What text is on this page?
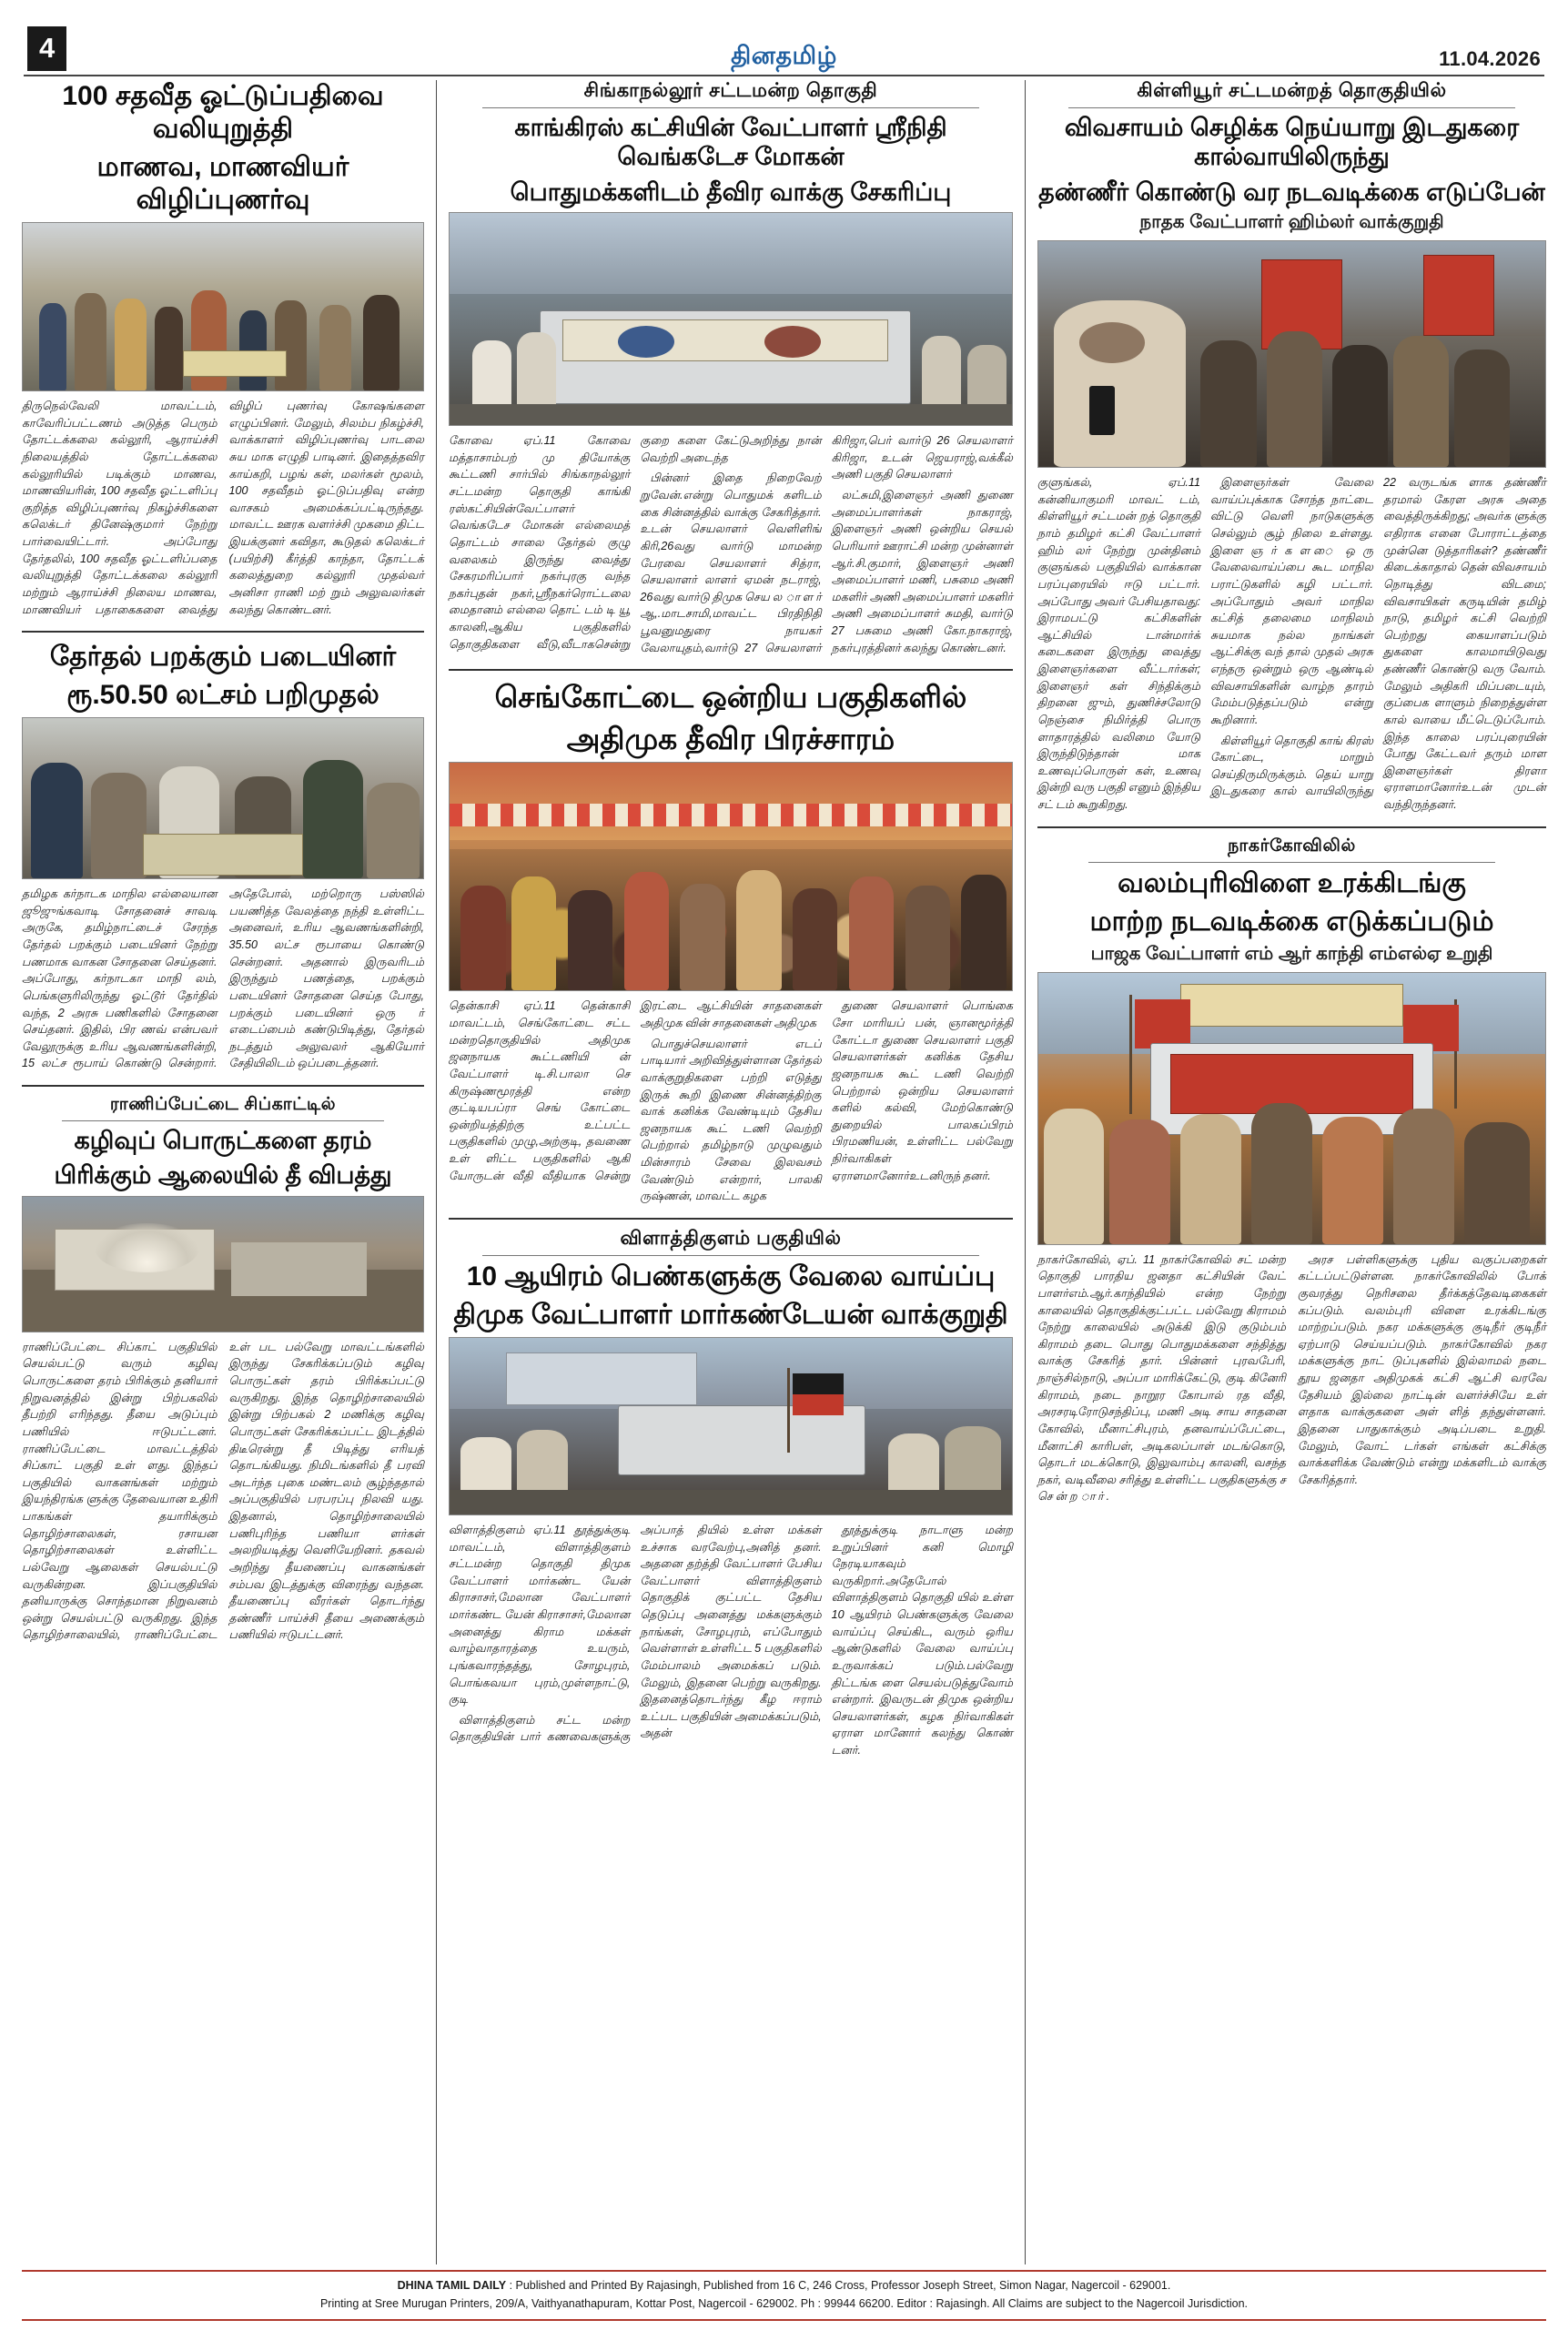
4	தினதமிழ்	11.04.2026
100 சதவீத ஓட்டுப்பதிவை வலியுறுத்தி
மாணவ, மாணவியர் விழிப்புணர்வு
திருநெல்வேலி மாவட்டம், காவேரிப்பட்டணம் அடுத்த பெரும் தோட்டக்கலை கல்லூரி, ஆராய்ச்சி நிலையத்தில் தோட்டக்கலை கல்லூரியில் படிக்கும் மாணவ, மாணவியரின், 100 சதவீத ஓட்டளிப்பு குறித்த விழிப்புணர்வு நிகழ்ச்சிகளை கலெக்டர் தினேஷ்குமார் நேற்று பார்வையிட்டார். அப்போது தேர்தலில், 100 சதவீத ஓட்டளிப்பதை வலியுறுத்தி தோட்டக்கலை கல்லூரி மற்றும் ஆராய்ச்சி நிலைய மாணவ, மாணவியர் பதாகைகளை வைத்து விழிப் புணர்வு கோஷங்களை எழுப்பினர். மேலும், சிலம்ப நிகழ்ச்சி, வாக்காளர் விழிப்புணர்வு பாடலை சுய மாக எழுதி பாடினர். இதைத்தவிர காய்கறி, பழங் கள், மலர்கள் மூலம், 100 சதவீதம் ஓட்டுப்பதிவு என்ற வாசகம் அமைக்கப்பட்டிருந்தது. மாவட்ட ஊரக வளர்ச்சி முகமை திட்ட இயக்குனர் கவிதா, கூடுதல் கலெக்டர் (பயிற்சி) கீர்த்தி காந்தா, தோட்டக் கலைத்துறை கல்லூரி முதல்வர் அனிசா ராணி மற் றும் அலுவலர்கள் கலந்து கொண்டனர்.
தேர்தல் பறக்கும் படையினர்
ரூ.50.50 லட்சம் பறிமுதல்
தமிழக கர்நாடக மாநில எல்லையான ஜூஜுங்கவாடி சோதனைச் சாவடி அருகே, தமிழ்நாட்டைச் சேரந்த தேர்தல் பறக்கும் படையினர் நேற்று பணமாக வாகன சோதனை செய்தனர். அப்போது, கர்நாடகா மாநி லம், பெங்களுரிலிருந்து ஓட்டூர் தேர்தில் வந்த, 2 அரசு பணிகளில் சோதனை செய்தனர். இதில், பிர ணவ் என்பவர் வேலூருக்கு உரிய ஆவணங்களின்றி, 15 லட்ச ரூபாய் கொண்டு சென்றார். அதேபோல், மற்றொரு பஸ்ஸில் பயணித்த வேலத்தை நந்தி உள்ளிட்ட அனைவர், உரிய ஆவணங்களின்றி, 35.50 லட்ச ரூபாயை கொண்டு சென்றனர். அதனால் இருவரிடம் இருந்தும் பணத்தை, பறக்கும் படையினர் சோதனை செய்த போது, பறக்கும் படையினர் ஒரு ர் எடைப்பைம் கண்டுபிடித்து, தேர்தல் நடத்தும் அலுவலர் ஆகியோர் சேதியிலிடம் ஒப்படைத்தனர்.
ராணிப்பேட்டை சிப்காட்டில்
கழிவுப் பொருட்களை தரம்
பிரிக்கும் ஆலையில் தீ விபத்து
ராணிப்பேட்டை சிப்காட் பகுதியில் செயல்பட்டு வரும் கழிவு பொருட்களை தரம் பிரிக்கும் தனியார் நிறுவனத்தில் இன்று பிற்பகலில் தீபற்றி எரிந்தது. தீயை அடுப்பும் பணியில் ஈடுபட்டனர். ராணிப்பேட்டை மாவட்டத்தில் சிப்காட் பகுதி உள் ளது. இந்தப் பகுதியில் வாகனங்கள் மற்றும் இயந்திரங்க ளுக்கு தேவையான உதிரி பாகங்கள் தயாரிக்கும் தொழிற்சாலைகள், ரசாயன தொழிற்சாலைகள் உள்ளிட்ட பல்வேறு ஆலைகள் செயல்பட்டு வருகின்றன. இப்பகுதியில் தனியாருக்கு சொந்தமான நிறுவனம் ஒன்று செயல்பட்டு வருகிறது. இந்த தொழிற்சாலையில், ராணிப்பேட்டை உள் பட பல்வேறு மாவட்டங்களில் இருந்து சேகரிக்கப்படும் கழிவு பொருட்கள் தரம் பிரிக்கப்பட்டு வருகிறது. இந்த தொழிற்சாலையில் இன்று பிற்பகல் 2 மணிக்கு கழிவு பொருட்கள் சேகரிக்கப்பட்ட இடத்தில் திடீரென்று தீ பிடித்து எரியத் தொடங்கியது. நிமிடங்களில் தீ பரவி அடர்ந்த புகை மண்டலம் சூழ்ந்ததால் அப்பகுதியில் பரபரப்பு நிலவி யது. இதனால், தொழிற்சாலையில் பணிபுரிந்த பணியா ளர்கள் அலறியடித்து வெளியேறினர். தகவல் அறிந்து தீயணைப்பு வாகனங்கள் சம்பவ இடத்துக்கு விரைந்து வந்தன. தீயணைப்பு வீரர்கள் தொடர்ந்து தண்ணீர் பாய்ச்சி தீயை அணைக்கும் பணியில் ஈடுபட்டனர்.
சிங்காநல்லூர் சட்டமன்ற தொகுதி
காங்கிரஸ் கட்சியின் வேட்பாளர் ஸ்ரீநிதி வெங்கடேச மோகன்
பொதுமக்களிடம் தீவிர வாக்கு சேகரிப்பு

கோவை ஏப்.11 கோவை மத்தாசாம்பற் மு தியோக்கு கூட்டணி சார்பில் சிங்காநல்லூர் சட்டமன்ற தொகுதி காங்கி ரஸ்கட்சியின்வேட்பாளர் வெங்கடேச மோகன் எல்லைமத் தொட்டம் சாலை தேர்தல் குழு வலைகம் இருந்து வைத்து சேகரமரிப்பார் நகர்புரகு வந்த நகர்புதன் நகர்,ஸ்ரீநகர்ரொட்டலை மைதானம் எல்லை தொட் டம் டி யூ காலனி,ஆகிய பகுதிகளில் தொகுதிகளை வீடு,வீடாகசென்று குறை களை கேட்டுஅறிந்து நான் வெற்றி அடைந்த

பின்னர் இதை நிறைவேற் றுவேன்.என்று பொதுமக் களிடம் கை சின்னத்தில் வாக்கு சேகரித்தார். உடன் செயலாளர் வெளிளிங் கிரி,26வது வார்டு மாமன்ற பேரவை செயலாளர் சித்ரா, செயலாளர் லாளர் ஏமன் நடராஜ், 26வது வார்டு திமுக செய ல ா ள ர் ஆ,.மாடசாமி,மாவட்ட பிரதிநிதி பூவனுமதுரை நாயகர் வேலாயுதம்,வார்டு 27 செயலாளர் கிரிஜா,பெர் வார்டு 26 செயலாளர் கிரிஜா, உடன் ஜெயராஜ்,வக்கீல் அணி பகுதி செயலாளர்

லட்சுமி,இளைஞர் அணி துணை அமைப்பாளர்கள் நாகராஜ், இளைஞர் அணி ஒன்றிய செயல் பெரியார் ஊராட்சி மன்ற முன்னாள் ஆர்.சி.குமார், இளைஞர் அணி அமைப்பாளர் மணி, பசுமை அணி மகளிர் அணி அமைப்பாளர் மகளிர் அணி அமைப்பாளர் சுமதி, வார்டு 27 பசுமை அணி கோ.நாகராஜ், நகர்புரத்தினர் கலந்து கொண்டனர்.

செங்கோட்டை ஒன்றிய பகுதிகளில்
அதிமுக தீவிர பிரச்சாரம்

தென்காசி ஏப்.11 தென்காசி மாவட்டம், செங்கோட்டை சட்ட மன்றதொகுதியில் அதிமுக ஜனநாயக கூட்டணியி ன் வேட்பாளர் டி.சி.பாலா செ கிருஷ்ணமூரத்தி என்ற குட்டியபப்ரா செங் கோட்டை ஒன்றியத்திற்கு உட்பட்ட பகுதிகளில் முழு,அற்குடி, தவணை உள் ளிட்ட பகுதிகளில் ஆகி யோருடன் வீதி வீதியாக சென்று இரட்டை ஆட்சியின் சாதனைகள் அதிமுக வின் சாதனைகள் அதிமுக

பொதுச்செயலாளர் எடப் பாடியார் அறிவித்துள்ளான தேர்தல் வாக்குறுதிகளை பற்றி எடுத்து இருக் கூறி இணை சின்னத்திற்கு வாக் கனிக்க வேண்டியும் தேசிய ஜனநாயக கூட் டணி வெற்றி பெற்றால் தமிழ்நாடு முழுவதும் மின்சாரம் சேவை இலவசம் வேண்டும் என்றார், பாலகி ருஷ்ணன், மாவட்ட கழக

துணை செயலாளர் பொங்கை சோ மாரியப் பன், ஞானமூர்த்தி கோட்டா துணை செயலாளர் பகுதி செயலாளர்கள் கனிக்க தேசிய ஜனநாயக கூட் டணி வெற்றி பெற்றால் ஒன்றிய செயலாளர் களில் கல்வி, மேற்கொண்டு துறையில் பாலகப்பிரம் பிரமணியன், உள்ளிட்ட பல்வேறு நிர்வாகிகள் ஏராளமானோர்உடனிருந் தனர்.

விளாத்திகுளம் பகுதியில்
10 ஆயிரம் பெண்களுக்கு வேலை வாய்ப்பு
திமுக வேட்பாளர் மார்கண்டேயன் வாக்குறுதி

விளாத்திகுளம் ஏப்.11 தூத்துக்குடி மாவட்டம், விளாத்திகுளம் சட்டமன்ற தொகுதி திமுக வேட்பாளர் மார்கண்ட யேன் கிராசாசர்,மேலான வேட்பாளர் மார்கண்ட யேன் கிராசாசர்,மேலான அனைத்து கிராம மக்கள் வாழ்வாதாரத்தை உயரும், புங்கவாரந்தத்து, சோழபுரம், பொங்கவயா புரம்,முள்ளநாட்டு, குடி

விளாத்திகுளம் சட்ட மன்ற தொகுதியின் பார் கணவைகளுக்கு அப்பாத் தியில் உள்ள மக்கள் உச்சாக வரவேற்பு,அனித் தனர். அதனை தற்த்தி வேட்பாளர் பேசிய வேட்பாளர் விளாத்திகுளம் தொகுதிக் குட்பட்ட தேசிய தெடுப்பு அனைத்து மக்களுக்கும் நாங்கள், சோழபுரம், எப்போதும் வெள்ளாள் உள்ளிட்ட 5 பகுதிகளில் மேம்பாலம் அமைக்கப் படும். மேலும், இதனை பெற்று வருகிறது. இதனைத்தொடர்ந்து கீழ ஈராம் உட்பட பகுதியின் அமைக்கப்படும், அதன்

தூத்துக்குடி நாடாளு மன்ற உறுப்பினர் கனி மொழி நேரடியாகவும் வருகிறார்.அதேபோல் விளாத்திகுளம் தொகுதி யில் உள்ள 10 ஆயிரம் பெண்களுக்கு வேலை வாய்ப்பு செய்கிட, வரும் ஒரிய ஆண்டுகளில் வேலை வாய்ப்பு உருவாக்கப் படும்.பல்வேறு திட்டங்க ளை செயல்படுத்துவோம் என்றார். இவருடன் திமுக ஒன்றிய செயலாளர்கள், கழக நிர்வாகிகள் ஏராள மானோர் கலந்து கொண் டனர்.

கிள்ளியூர் சட்டமன்றத் தொகுதியில்
விவசாயம் செழிக்க நெய்யாறு இடதுகரை கால்வாயிலிருந்து
தண்ணீர் கொண்டு வர நடவடிக்கை எடுப்பேன்
நாதக வேட்பாளர் ஹிம்லர் வாக்குறுதி

குளுங்கல், ஏப்.11 கன்னியாகுமரி மாவட் டம், கிள்ளியூர் சட்டமன் றத் தொகுதி நாம் தமிழர் கட்சி வேட்பாளர் ஹிம் லர் நேற்று முன்தினம் குளுங்கல் பகுதியில் வாக்கான பரப்புரையில் ஈடு பட்டார். அப்போது அவர் பேசியதாவது: இராமபட்டு கட்சிகளின் ஆட்சியில் டான்மார்க் கடைகளை இருந்து வைத்து இளைஞர்களை வீட்டார்கள்; இளைஞர் கள் சிந்திக்கும் திறனை ஜும், துணிச்சலோடு நெஞ்சை நிமிர்த்தி பொரு ளாதாரத்தில் வலிமை யோடு இருந்திடுந்தான் மாக உணவுப்பொருள் கள், உணவு இன்றி வரு பகுதி எனும் இந்திய சட் டம் கூறுகிறது.

இளைஞர்கள் வேலை வாய்ப்புக்காக சோந்த நாட்டை விட்டு வெளி நாடுகளுக்கு செல்லும் சூழ் நிலை உள்ளது. இளை ஞ ர் க ள ை ஒ ரு வேலைவாய்ப்பை கூட மாநில பராட்டுகளில் கழி பட்டார். அப்போதும் அவர் மாநில கட்சித் தலைமை மாநிலம் சுயமாக நல்ல நாங்கள் ஆட்சிக்கு வந் தால் முதல் அரசு எந்தரு ஒன்றும் ஒரு ஆண்டில் விவசாயிகளின் வாழ்ந தாரம் மேம்படுத்தப்படும் என்று கூறினார்.

கிள்ளியூர் தொகுதி காங் கிரஸ் கோட்டை, மாறும் செய்திருமிருக்கும். தெய் யாறு இடதுகரை கால் வாயிலிருந்து 22 வருடங்க ளாக தண்ணீர் தரமால் கேரள அரசு அதை வைத்திருக்கிறது; அவர்க ளுக்கு எதிராக எனை போராட்டத்தை முன்னெ டுத்தாரிகள்? தண்ணீர் கிடைக்காதால் தென் விவசாயம் நொடித்து விடமை; விவசாயிகள் கருடியின் தமிழ் நாடு, தமிழர் கட்சி வெற்றி பெற்றது கையாளப்படும் துகளை காலமாயிடுவது தண்ணீர் கொண்டு வரு வோம். மேலும் அதிகரி மிப்படையும், குப்பைக ளாளும் நிறைத்துள்ள கால் வாயை மீட்டெடுப்போம். இந்த காலை பரப்புரையின் போது கேட்டவர் தரும் மாள இளைஞர்கள் திரளா ஏராளமானோர்உடன் முடன் வந்திருந்தனர்.

நாகர்கோவிலில்
வலம்புரிவிளை உரக்கிடங்கு
மாற்ற நடவடிக்கை எடுக்கப்படும்
பாஜக வேட்பாளர் எம் ஆர் காந்தி எம்எல்ஏ உறுதி

நாகர்கோவில், ஏப். 11 நாகர்கோவில் சட் மன்ற தொகுதி பாரதிய ஜனதா கட்சியின் வேட் பாளர்எம்.ஆர்.காந்தியில் என்ற நேற்று காலையில் தொகுதிக்குட்பட்ட பல்வேறு கிராமம் நேற்று காலையில் அடுக்கி இடு குடும்பம் கிராமம் தடை பொது பொதுமக்களை சந்தித்து வாக்கு சேகரித் தார். பின்னர் புரவபேரி, நாஞ்சில்நாடு, அப்பா மாரிக்கேட்டு, குடி கினேரி கிராமம், நடை நாறூர கோபால் ரத வீதி, அரசரடிரோடுசந்திப்பு, மணி அடி சாய சாதனை கோவில், மீனாட்சிபுரம், தனவாய்ப்பேட்டை, மீனாட்சி காரிபள், அடிகலப்பாள் மடங்கொடு, தொடர் மடக்கொடு, இலுவாம்பு காலனி, வசந்த நகர், வடிவீலை சரித்து உள்ளிட்ட பகுதிகளுக்கு ச செ ன் ற ா ர் .

அரச பள்ளிகளுக்கு புதிய வகுப்பறைகள் கட்டப்பட்டுள்ளன. நாகர்கோவிலில் போக் குவரத்து நெரிசலை தீர்க்கத்தேவடிகைகள் கப்படும். வலம்புரி விளை உரக்கிடங்கு மாற்றப்படும். நகர மக்களுக்கு குடிநீர் குடிநீர் ஏற்பாடு செய்யப்படும். நாகர்கோவில் நகர மக்களுக்கு நாட் டுப்புகளில் இல்லாமல் நடை தூய ஜனதா அதிமுகக் கட்சி ஆட்சி வரவே தேசியம் இல்லை நாட்டின் வளர்ச்சியே உள் ளதாக வாக்குகளை அள் ளித் தந்துள்ளனர். இதனை பாதுகாக்கும் அடிப்படை உறுதி. மேலும், வோட் டர்கள் எங்கள் கட்சிக்கு வாக்களிக்க வேண்டும் என்று மக்களிடம் வாக்கு சேகரித்தார்.

DHINA TAMIL DAILY : Published and Printed By Rajasingh, Published from 16 C, 246 Cross, Professor Joseph Street, Simon Nagar, Nagercoil - 629001.
Printing at Sree Murugan Printers, 209/A, Vaithyanathapuram, Kottar Post, Nagercoil - 629002. Ph : 99944 66200. Editor : Rajasingh. All Claims are subject to the Nagercoil Jurisdiction.
